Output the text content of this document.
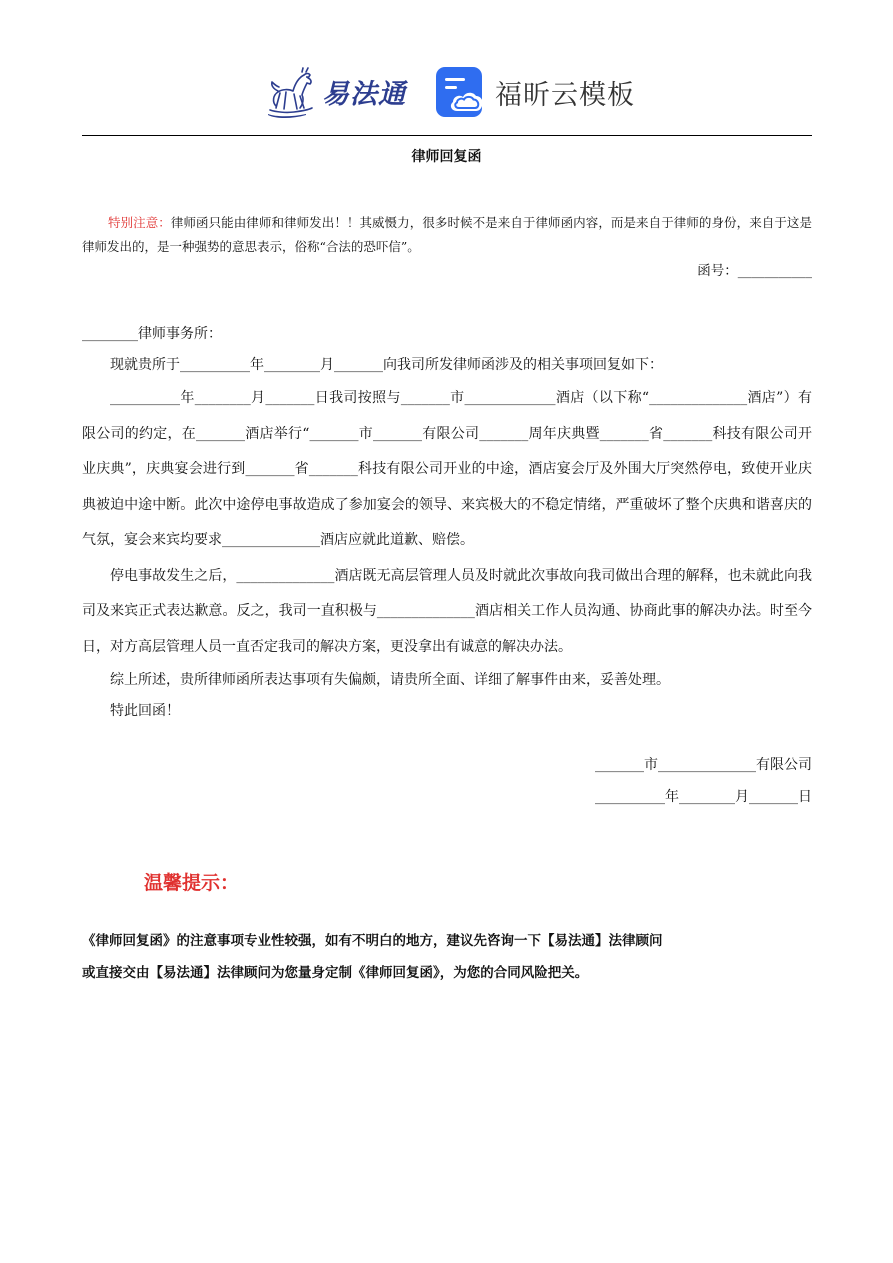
易法通	福昕云模板
律师回复函
特别注意：律师函只能由律师和律师发出！！其威慑力，很多时候不是来自于律师函内容，而是来自于律师的身份，来自于这是律师发出的，是一种强势的意思表示，俗称“合法的恐吓信”。
函号：___________

________律师事务所：

现就贵所于__________年________月_______向我司所发律师函涉及的相关事项回复如下：

__________年________月_______日我司按照与_______市_____________酒店（以下称“______________酒店”）有限公司的约定，在_______酒店举行“_______市_______有限公司_______周年庆典暨_______省_______科技有限公司开业庆典”，庆典宴会进行到_______省_______科技有限公司开业的中途，酒店宴会厅及外围大厅突然停电，致使开业庆典被迫中途中断。此次中途停电事故造成了参加宴会的领导、来宾极大的不稳定情绪，严重破坏了整个庆典和谐喜庆的气氛，宴会来宾均要求______________酒店应就此道歉、赔偿。

停电事故发生之后，______________酒店既无高层管理人员及时就此次事故向我司做出合理的解释，也未就此向我司及来宾正式表达歉意。反之，我司一直积极与______________酒店相关工作人员沟通、协商此事的解决办法。时至今日，对方高层管理人员一直否定我司的解决方案，更没拿出有诚意的解决办法。

综上所述，贵所律师函所表达事项有失偏颇，请贵所全面、详细了解事件由来，妥善处理。

特此回函！

_______市______________有限公司
__________年________月_______日
温馨提示：

《律师回复函》的注意事项专业性较强，如有不明白的地方，建议先咨询一下【易法通】法律顾问

或直接交由【易法通】法律顾问为您量身定制《律师回复函》，为您的合同风险把关。
